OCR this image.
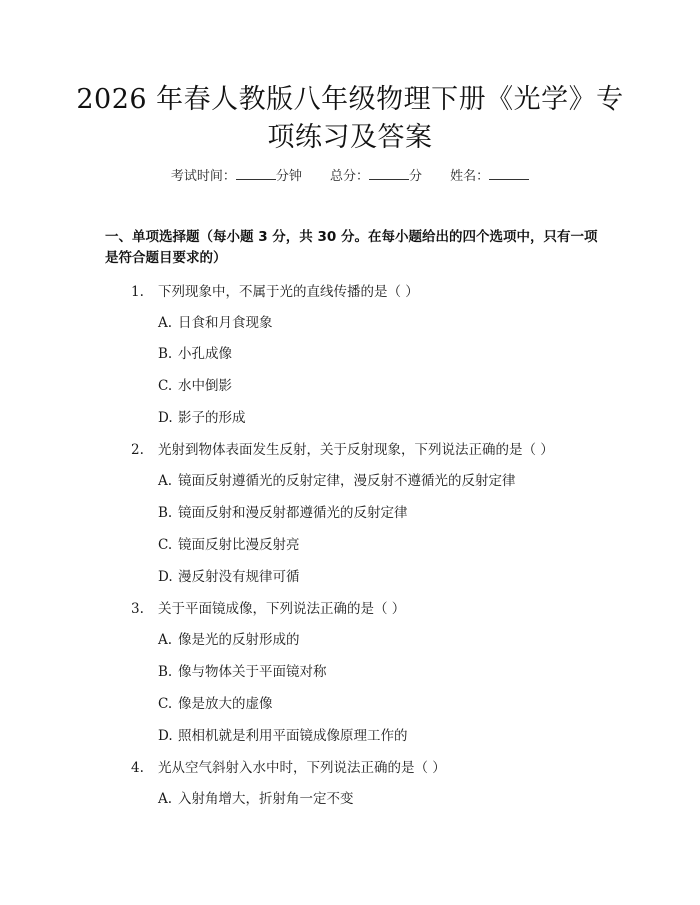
2026 年春人教版八年级物理下册《光学》专
项练习及答案
考试时间：	分钟 总分：	分 姓名：
一、单项选择题（每小题 3 分，共 30 分。在每小题给出的四个选项中，只有一项是符合题目要求的）
1. 下列现象中，不属于光的直线传播的是（ ）
A. 日食和月食现象
B. 小孔成像
C. 水中倒影
D. 影子的形成
2. 光射到物体表面发生反射，关于反射现象，下列说法正确的是（ ）
A. 镜面反射遵循光的反射定律，漫反射不遵循光的反射定律
B. 镜面反射和漫反射都遵循光的反射定律
C. 镜面反射比漫反射亮
D. 漫反射没有规律可循
3. 关于平面镜成像，下列说法正确的是（ ）
A. 像是光的反射形成的
B. 像与物体关于平面镜对称
C. 像是放大的虚像
D. 照相机就是利用平面镜成像原理工作的
4. 光从空气斜射入水中时，下列说法正确的是（ ）
A. 入射角增大，折射角一定不变
